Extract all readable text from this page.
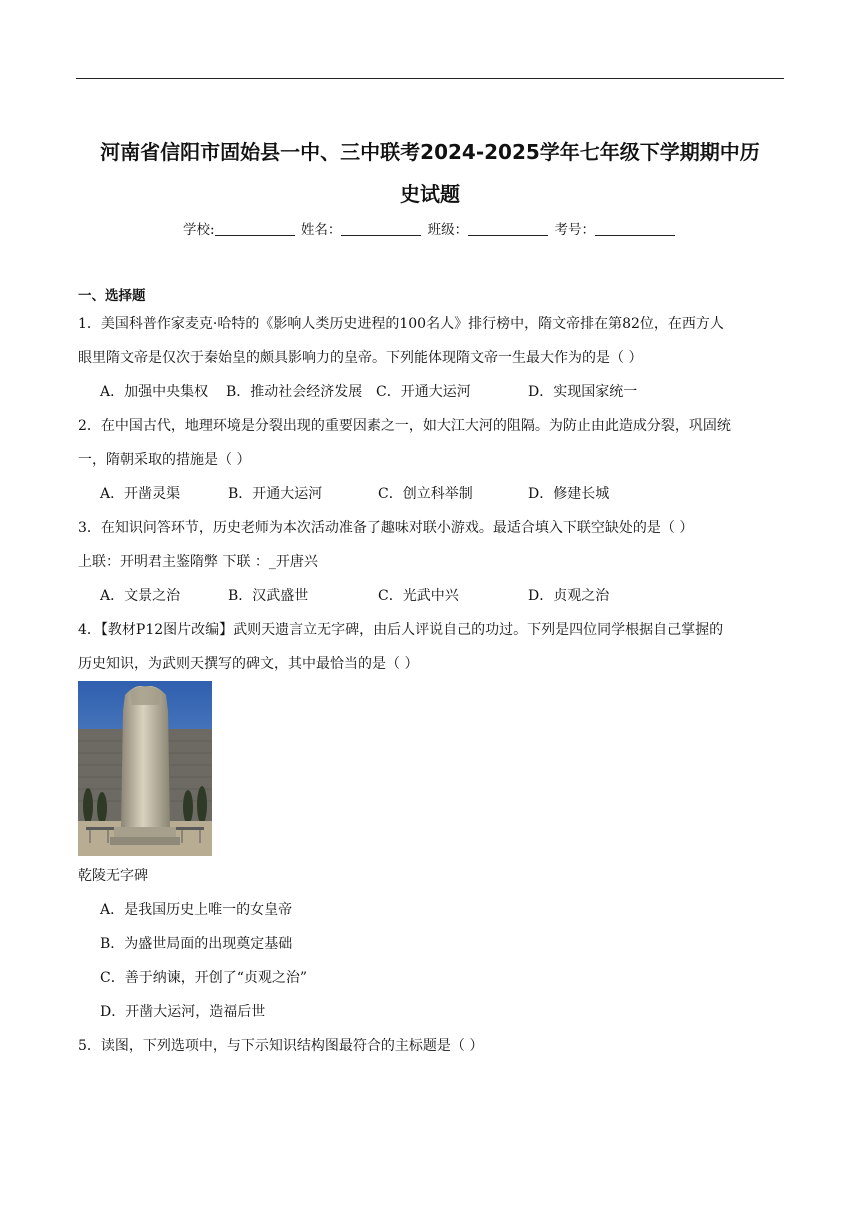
河南省信阳市固始县一中、三中联考2024-2025学年七年级下学期期中历
史试题
学校:	姓名：	班级：	考号：
一、选择题
1．美国科普作家麦克·哈特的《影响人类历史进程的100名人》排行榜中，隋文帝排在第82位，在西方人
眼里隋文帝是仅次于秦始皇的颇具影响力的皇帝。下列能体现隋文帝一生最大作为的是（ ）
A．加强中央集权 B．推动社会经济发展 C．开通大运河	D．实现国家统一
2．在中国古代，地理环境是分裂出现的重要因素之一，如大江大河的阻隔。为防止由此造成分裂，巩固统
一，隋朝采取的措施是（ ）
A．开凿灵渠	B．开通大运河	C．创立科举制	D．修建长城
3．在知识问答环节，历史老师为本次活动准备了趣味对联小游戏。最适合填入下联空缺处的是（ ）
上联：开明君主鉴隋弊 下联 ：_开唐兴
A．文景之治	B．汉武盛世	C．光武中兴	D．贞观之治
4．【教材P12图片改编】武则天遗言立无字碑，由后人评说自己的功过。下列是四位同学根据自己掌握的
历史知识，为武则天撰写的碑文，其中最恰当的是（ ）
乾陵无字碑
A．是我国历史上唯一的女皇帝
B．为盛世局面的出现奠定基础
C．善于纳谏，开创了“贞观之治”
D．开凿大运河，造福后世
5．读图，下列选项中，与下示知识结构图最符合的主标题是（ ）
